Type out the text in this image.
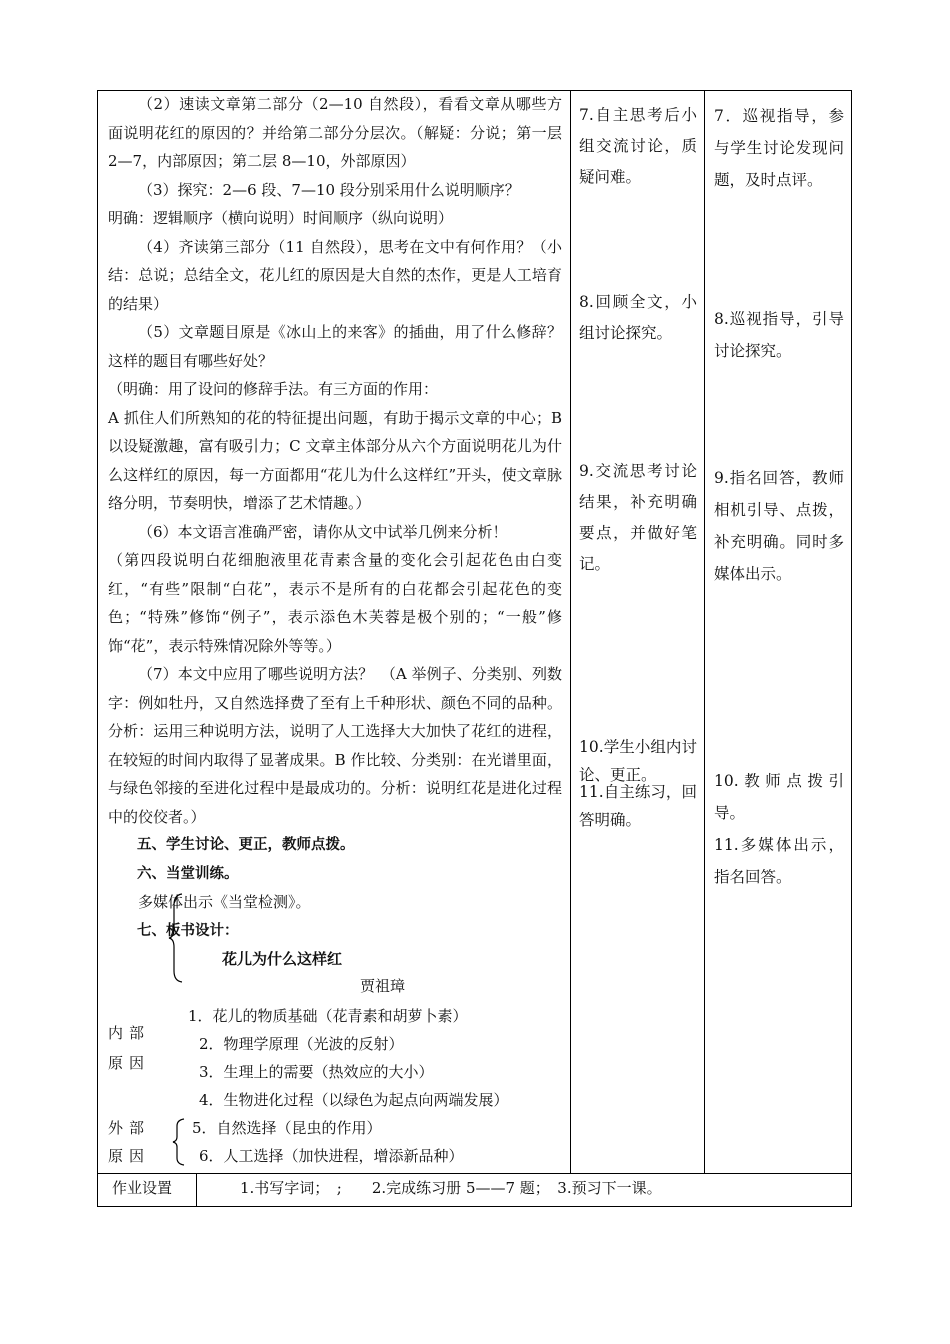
（2）速读文章第二部分（2—10 自然段），看看文章从哪些方面说明花红的原因的？并给第二部分分层次。（解疑：分说；第一层 2—7，内部原因；第二层 8—10，外部原因）

（3）探究：2—6 段、7—10 段分别采用什么说明顺序？

明确：逻辑顺序（横向说明）时间顺序（纵向说明）

（4）齐读第三部分（11 自然段），思考在文中有何作用？（小结：总说；总结全文，花儿红的原因是大自然的杰作，更是人工培育的结果）

（5）文章题目原是《冰山上的来客》的插曲，用了什么修辞？这样的题目有哪些好处？

（明确：用了设问的修辞手法。有三方面的作用：

A 抓住人们所熟知的花的特征提出问题，有助于揭示文章的中心；B 以设疑激趣，富有吸引力；C 文章主体部分从六个方面说明花儿为什么这样红的原因，每一方面都用“花儿为什么这样红”开头，使文章脉络分明，节奏明快，增添了艺术情趣。）

（6）本文语言准确严密，请你从文中试举几例来分析！

（第四段说明白花细胞液里花青素含量的变化会引起花色由白变红，“有些”限制“白花”，表示不是所有的白花都会引起花色的变色；“特殊”修饰“例子”，表示添色木芙蓉是极个别的；“一般”修饰“花”，表示特殊情况除外等等。）

（7）本文中应用了哪些说明方法？　（A 举例子、分类别、列数字：例如牡丹，又自然选择费了至有上千种形状、颜色不同的品种。分析：运用三种说明方法，说明了人工选择大大加快了花红的进程，在较短的时间内取得了显著成果。B 作比较、分类别：在光谱里面，与绿色邻接的至进化过程中是最成功的。分析：说明红花是进化过程中的佼佼者。）

五、学生讨论、更正，教师点拨。

六、当堂训练。

多媒体出示《当堂检测》。

七、板书设计：

花儿为什么这样红
贾祖璋
内部原因
1．花儿的物质基础（花青素和胡萝卜素）
2．物理学原理（光波的反射）
3．生理上的需要（热效应的大小）
4．生物进化过程（以绿色为起点向两端发展）
外部原因
5．自然选择（昆虫的作用）
6．人工选择（加快进程，增添新品种）

7.自主思考后小组交流讨论，质疑问难。

8.回顾全文，小组讨论探究。

9.交流思考讨论结果，补充明确要点，并做好笔记。

10.学生小组内讨论、更正。

11.自主练习，回答明确。

7．巡视指导，参与学生讨论发现问题，及时点评。

8.巡视指导，引导讨论探究。

9.指名回答，教师相机引导、点拨，补充明确。同时多媒体出示。

10.教师点拨引导。

11.多媒体出示，指名回答。

作业设置	1.书写字词；　;　　2.完成练习册 5——7 题；　3.预习下一课。
